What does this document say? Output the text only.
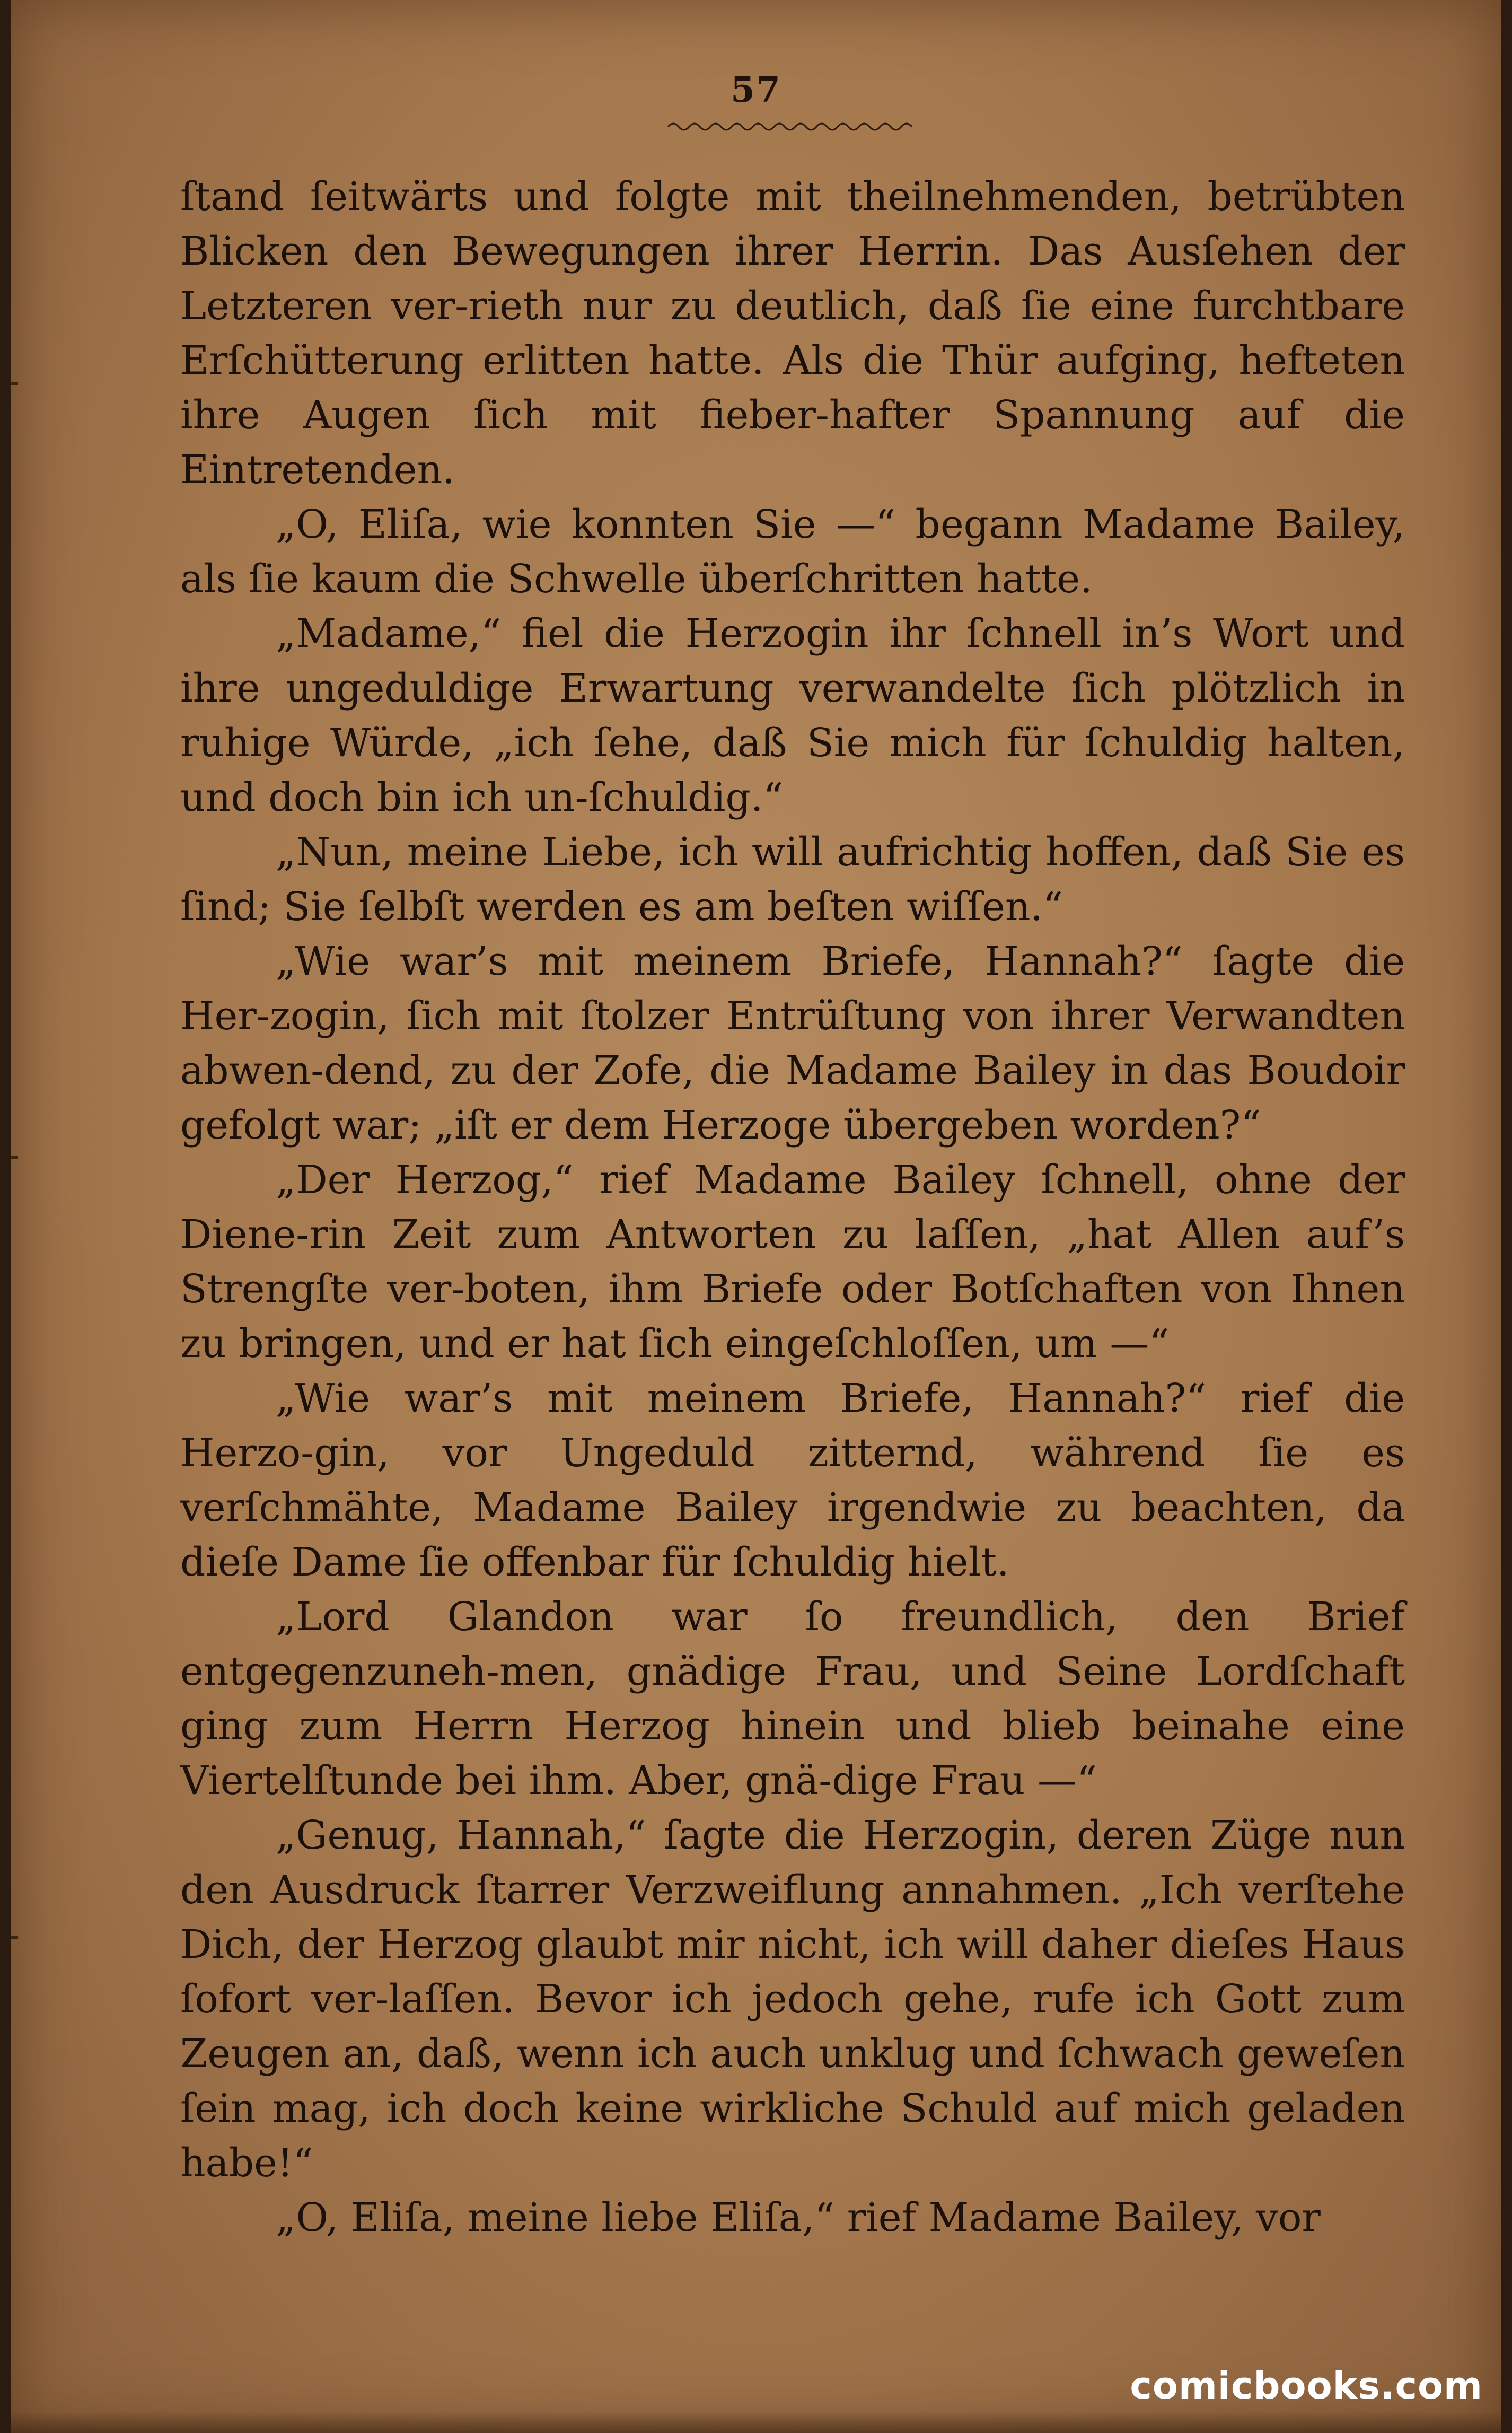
57

ſtand ſeitwärts und folgte mit theilnehmenden, betrübten Blicken den Bewegungen ihrer Herrin. Das Ausſehen der Letzteren ver‑rieth nur zu deutlich, daß ſie eine furchtbare Erſchütterung erlitten hatte. Als die Thür aufging, hefteten ihre Augen ſich mit fieber‑hafter Spannung auf die Eintretenden.

„O, Eliſa, wie konnten Sie —“ begann Madame Bailey, als ſie kaum die Schwelle überſchritten hatte.

„Madame,“ fiel die Herzogin ihr ſchnell in’s Wort und ihre ungeduldige Erwartung verwandelte ſich plötzlich in ruhige Würde, „ich ſehe, daß Sie mich für ſchuldig halten, und doch bin ich un‑ſchuldig.“

„Nun, meine Liebe, ich will aufrichtig hoffen, daß Sie es ſind; Sie ſelbſt werden es am beſten wiſſen.“

„Wie war’s mit meinem Briefe, Hannah?“ ſagte die Her‑zogin, ſich mit ſtolzer Entrüſtung von ihrer Verwandten abwen‑dend, zu der Zofe, die Madame Bailey in das Boudoir gefolgt war; „iſt er dem Herzoge übergeben worden?“

„Der Herzog,“ rief Madame Bailey ſchnell, ohne der Diene‑rin Zeit zum Antworten zu laſſen, „hat Allen auf’s Strengſte ver‑boten, ihm Briefe oder Botſchaften von Ihnen zu bringen, und er hat ſich eingeſchloſſen, um —“

„Wie war’s mit meinem Briefe, Hannah?“ rief die Herzo‑gin, vor Ungeduld zitternd, während ſie es verſchmähte, Madame Bailey irgendwie zu beachten, da dieſe Dame ſie offenbar für ſchuldig hielt.

„Lord Glandon war ſo freundlich, den Brief entgegenzuneh‑men, gnädige Frau, und Seine Lordſchaft ging zum Herrn Herzog hinein und blieb beinahe eine Viertelſtunde bei ihm. Aber, gnä‑dige Frau —“

„Genug, Hannah,“ ſagte die Herzogin, deren Züge nun den Ausdruck ſtarrer Verzweiflung annahmen. „Ich verſtehe Dich, der Herzog glaubt mir nicht, ich will daher dieſes Haus ſofort ver‑laſſen. Bevor ich jedoch gehe, rufe ich Gott zum Zeugen an, daß, wenn ich auch unklug und ſchwach geweſen ſein mag, ich doch keine wirkliche Schuld auf mich geladen habe!“

„O, Eliſa, meine liebe Eliſa,“ rief Madame Bailey, vor

comicbooks.com
